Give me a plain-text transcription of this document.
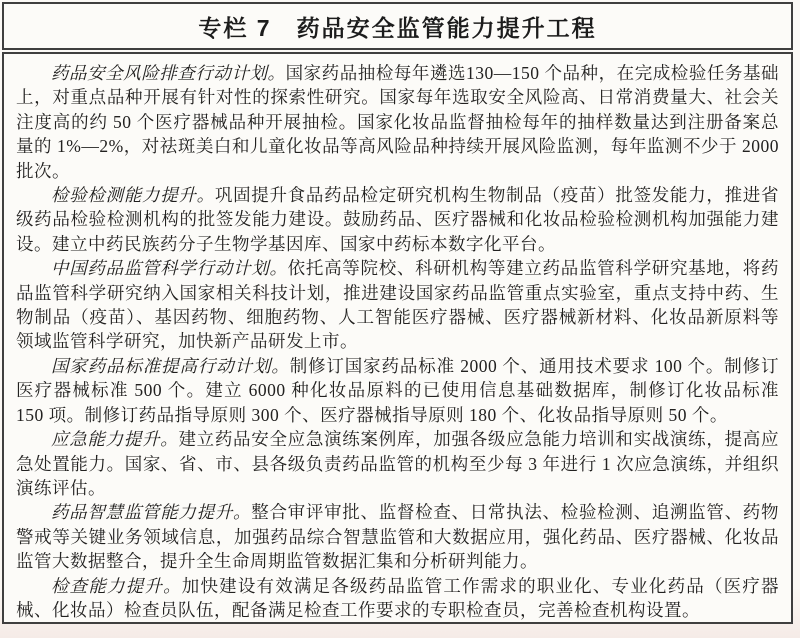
专栏 7　药品安全监管能力提升工程

药品安全风险排查行动计划。国家药品抽检每年遴选130—150 个品种，在完成检验任务基础上，对重点品种开展有针对性的探索性研究。国家每年选取安全风险高、日常消费量大、社会关注度高的约 50 个医疗器械品种开展抽检。国家化妆品监督抽检每年的抽样数量达到注册备案总量的 1%—2%，对祛斑美白和儿童化妆品等高风险品种持续开展风险监测，每年监测不少于 2000 批次。

检验检测能力提升。巩固提升食品药品检定研究机构生物制品（疫苗）批签发能力，推进省级药品检验检测机构的批签发能力建设。鼓励药品、医疗器械和化妆品检验检测机构加强能力建设。建立中药民族药分子生物学基因库、国家中药标本数字化平台。

中国药品监管科学行动计划。依托高等院校、科研机构等建立药品监管科学研究基地，将药品监管科学研究纳入国家相关科技计划，推进建设国家药品监管重点实验室，重点支持中药、生物制品（疫苗）、基因药物、细胞药物、人工智能医疗器械、医疗器械新材料、化妆品新原料等领域监管科学研究，加快新产品研发上市。

国家药品标准提高行动计划。制修订国家药品标准 2000 个、通用技术要求 100 个。制修订医疗器械标准 500 个。建立 6000 种化妆品原料的已使用信息基础数据库，制修订化妆品标准 150 项。制修订药品指导原则 300 个、医疗器械指导原则 180 个、化妆品指导原则 50 个。

应急能力提升。建立药品安全应急演练案例库，加强各级应急能力培训和实战演练，提高应急处置能力。国家、省、市、县各级负责药品监管的机构至少每 3 年进行 1 次应急演练，并组织演练评估。

药品智慧监管能力提升。整合审评审批、监督检查、日常执法、检验检测、追溯监管、药物警戒等关键业务领域信息，加强药品综合智慧监管和大数据应用，强化药品、医疗器械、化妆品监管大数据整合，提升全生命周期监管数据汇集和分析研判能力。

检查能力提升。加快建设有效满足各级药品监管工作需求的职业化、专业化药品（医疗器械、化妆品）检查员队伍，配备满足检查工作要求的专职检查员，完善检查机构设置。
